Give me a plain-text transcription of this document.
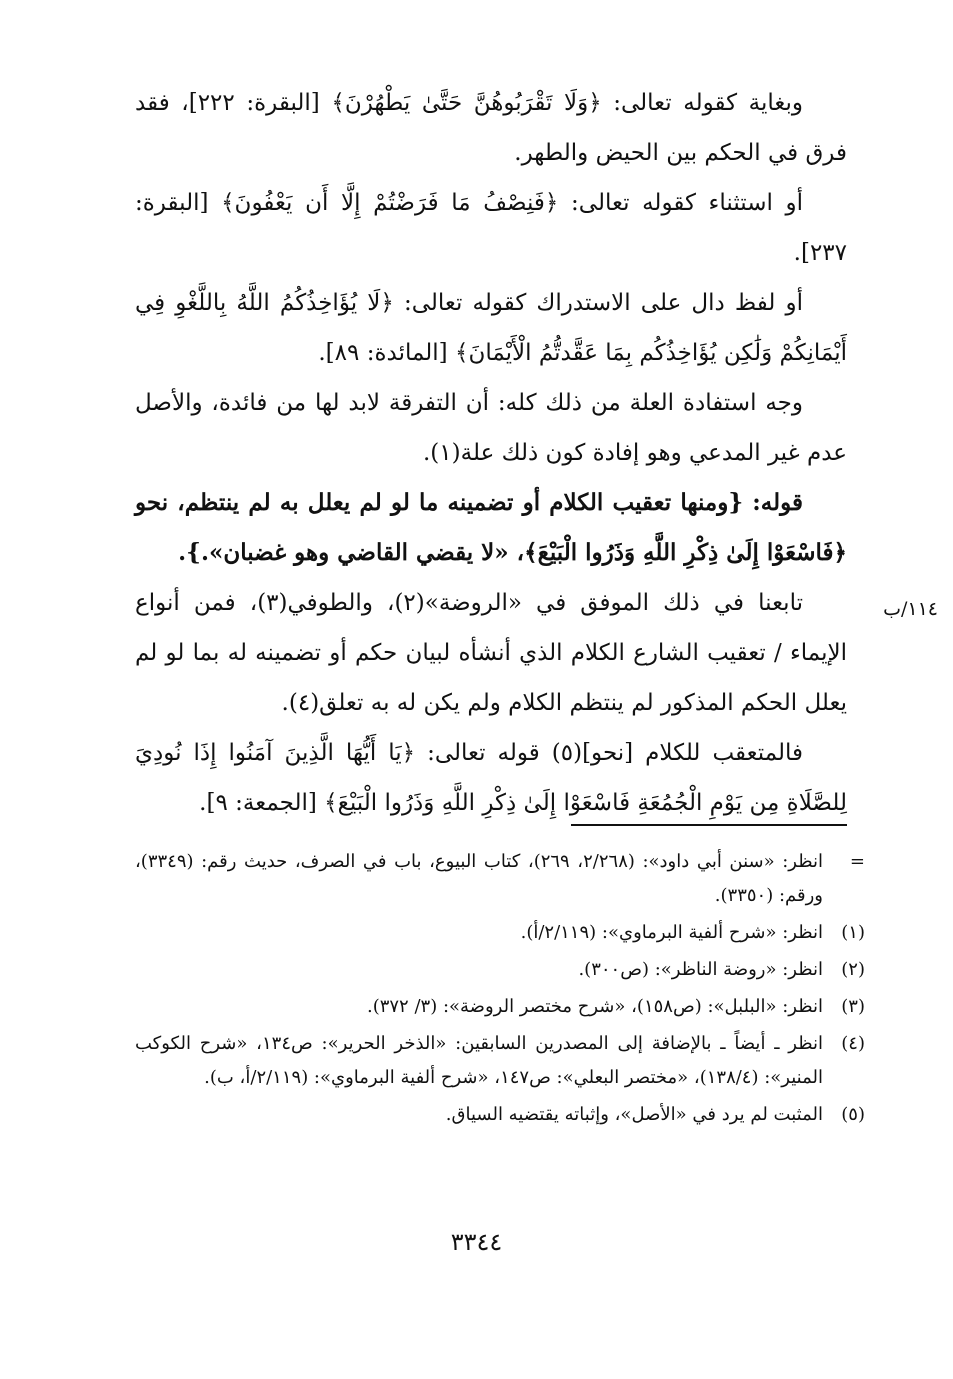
وبغاية كقوله تعالى: ﴿وَلَا تَقْرَبُوهُنَّ حَتَّىٰ يَطْهُرْنَ﴾ [البقرة: ٢٢٢]، فقد فرق في الحكم بين الحيض والطهر.

أو استثناء كقوله تعالى: ﴿فَنِصْفُ مَا فَرَضْتُمْ إِلَّا أَن يَعْفُونَ﴾ [البقرة: ٢٣٧].

أو لفظ دال على الاستدراك كقوله تعالى: ﴿لَا يُؤَاخِذُكُمُ اللَّهُ بِاللَّغْوِ فِي أَيْمَانِكُمْ وَلَٰكِن يُؤَاخِذُكُم بِمَا عَقَّدتُّمُ الْأَيْمَانَ﴾ [المائدة: ٨٩].

وجه استفادة العلة من ذلك كله: أن التفرقة لابد لها من فائدة، والأصل عدم غير المدعي وهو إفادة كون ذلك علة(١).

قوله: {ومنها تعقيب الكلام أو تضمينه ما لو لم يعلل به لم ينتظم، نحو ﴿فَاسْعَوْا إِلَىٰ ذِكْرِ اللَّهِ وَذَرُوا الْبَيْعَ﴾، «لا يقضي القاضي وهو غضبان».}.

تابعنا في ذلك الموفق في «الروضة»(٢)، والطوفي(٣)، فمن أنواع الإيماء / تعقيب الشارع الكلام الذي أنشأه لبيان حكم أو تضمينه له بما لو لم يعلل الحكم المذكور لم ينتظم الكلام ولم يكن له به تعلق(٤).

فالمتعقب للكلام [نحو](٥) قوله تعالى: ﴿يَا أَيُّهَا الَّذِينَ آمَنُوا إِذَا نُودِيَ لِلصَّلَاةِ مِن يَوْمِ الْجُمُعَةِ فَاسْعَوْا إِلَىٰ ذِكْرِ اللَّهِ وَذَرُوا الْبَيْعَ﴾ [الجمعة: ٩].

١١٤/ب
=
انظر: «سنن أبي داود»: (٢/٢٦٨، ٢٦٩)، كتاب البيوع، باب في الصرف، حديث رقم: (٣٣٤٩)، ورقم: (٣٣٥٠).
(١)
انظر: «شرح ألفية البرماوي»: (٢/١١٩/أ).
(٢)
انظر: «روضة الناظر»: (ص٣٠٠).
(٣)
انظر: «البلبل»: (ص١٥٨)، «شرح مختصر الروضة»: (٣/ ٣٧٢).
(٤)
انظر ـ أيضاً ـ بالإضافة إلى المصدرين السابقين: «الذخر الحرير»: ص١٣٤، «شرح الكوكب المنير»: (١٣٨/٤)، «مختصر البعلي»: ص١٤٧، «شرح ألفية البرماوي»: (٢/١١٩/أ، ب).
(٥)
المثبت لم يرد في «الأصل»، وإثباته يقتضيه السياق.
٣٣٤٤
